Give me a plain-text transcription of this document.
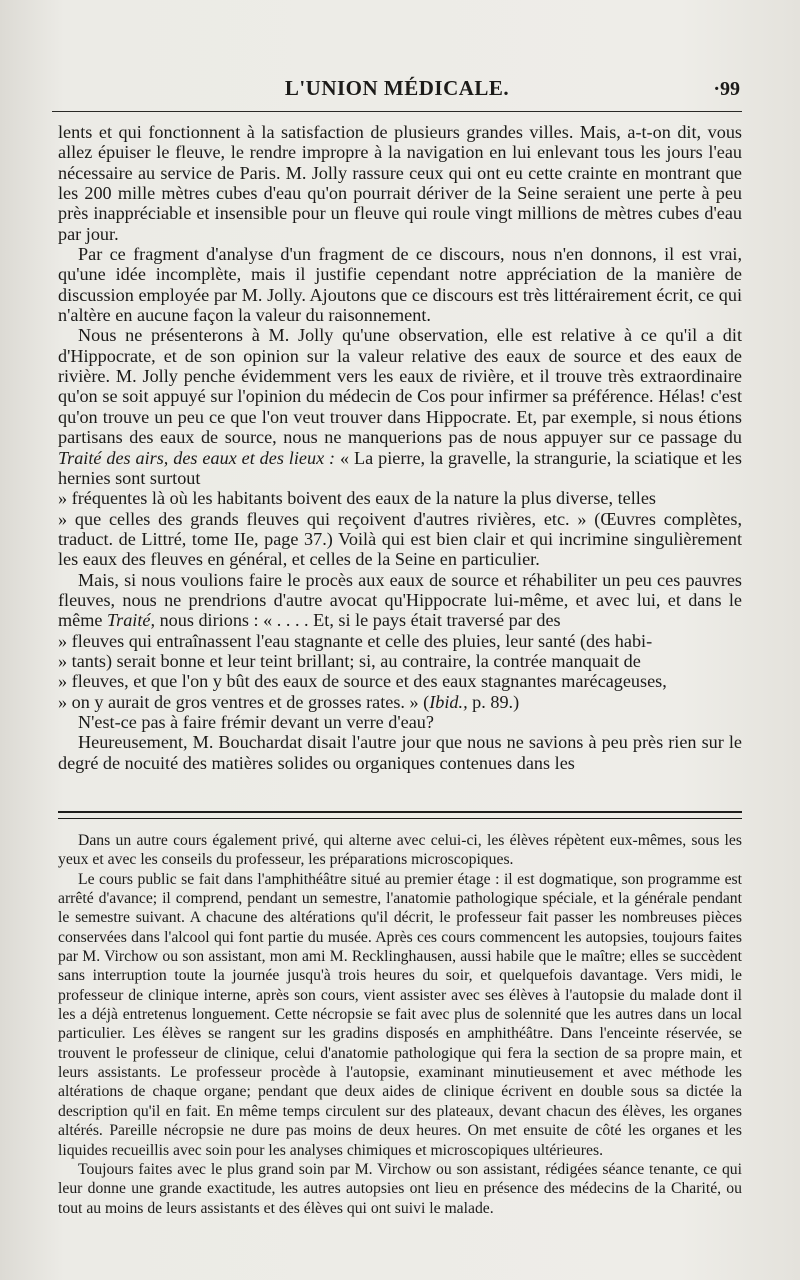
L'UNION MÉDICALE.	·99

lents et qui fonctionnent à la satisfaction de plusieurs grandes villes. Mais, a-t-on dit, vous allez épuiser le fleuve, le rendre impropre à la navigation en lui enlevant tous les jours l'eau nécessaire au service de Paris. M. Jolly rassure ceux qui ont eu cette crainte en montrant que les 200 mille mètres cubes d'eau qu'on pourrait dériver de la Seine seraient une perte à peu près inappréciable et insensible pour un fleuve qui roule vingt millions de mètres cubes d'eau par jour.

Par ce fragment d'analyse d'un fragment de ce discours, nous n'en donnons, il est vrai, qu'une idée incomplète, mais il justifie cependant notre appréciation de la manière de discussion employée par M. Jolly. Ajoutons que ce discours est très littérairement écrit, ce qui n'altère en aucune façon la valeur du raisonnement.

Nous ne présenterons à M. Jolly qu'une observation, elle est relative à ce qu'il a dit d'Hippocrate, et de son opinion sur la valeur relative des eaux de source et des eaux de rivière. M. Jolly penche évidemment vers les eaux de rivière, et il trouve très extraordinaire qu'on se soit appuyé sur l'opinion du médecin de Cos pour infirmer sa préférence. Hélas! c'est qu'on trouve un peu ce que l'on veut trouver dans Hippocrate. Et, par exemple, si nous étions partisans des eaux de source, nous ne manquerions pas de nous appuyer sur ce passage du Traité des airs, des eaux et des lieux : « La pierre, la gravelle, la strangurie, la sciatique et les hernies sont surtout

» fréquentes là où les habitants boivent des eaux de la nature la plus diverse, telles

» que celles des grands fleuves qui reçoivent d'autres rivières, etc. » (Œuvres complètes, traduct. de Littré, tome IIe, page 37.) Voilà qui est bien clair et qui incrimine singulièrement les eaux des fleuves en général, et celles de la Seine en particulier.

Mais, si nous voulions faire le procès aux eaux de source et réhabiliter un peu ces pauvres fleuves, nous ne prendrions d'autre avocat qu'Hippocrate lui-même, et avec lui, et dans le même Traité, nous dirions : « . . . . Et, si le pays était traversé par des

» fleuves qui entraînassent l'eau stagnante et celle des pluies, leur santé (des habi-

» tants) serait bonne et leur teint brillant; si, au contraire, la contrée manquait de

» fleuves, et que l'on y bût des eaux de source et des eaux stagnantes marécageuses,

» on y aurait de gros ventres et de grosses rates. » (Ibid., p. 89.)

N'est-ce pas à faire frémir devant un verre d'eau?

Heureusement, M. Bouchardat disait l'autre jour que nous ne savions à peu près rien sur le degré de nocuité des matières solides ou organiques contenues dans les

Dans un autre cours également privé, qui alterne avec celui-ci, les élèves répètent eux-mêmes, sous les yeux et avec les conseils du professeur, les préparations microscopiques.

Le cours public se fait dans l'amphithéâtre situé au premier étage : il est dogmatique, son programme est arrêté d'avance; il comprend, pendant un semestre, l'anatomie pathologique spéciale, et la générale pendant le semestre suivant. A chacune des altérations qu'il décrit, le professeur fait passer les nombreuses pièces conservées dans l'alcool qui font partie du musée. Après ces cours commencent les autopsies, toujours faites par M. Virchow ou son assistant, mon ami M. Recklinghausen, aussi habile que le maître; elles se succèdent sans interruption toute la journée jusqu'à trois heures du soir, et quelquefois davantage. Vers midi, le professeur de clinique interne, après son cours, vient assister avec ses élèves à l'autopsie du malade dont il les a déjà entretenus longuement. Cette nécropsie se fait avec plus de solennité que les autres dans un local particulier. Les élèves se rangent sur les gradins disposés en amphithéâtre. Dans l'enceinte réservée, se trouvent le professeur de clinique, celui d'anatomie pathologique qui fera la section de sa propre main, et leurs assistants. Le professeur procède à l'autopsie, examinant minutieusement et avec méthode les altérations de chaque organe; pendant que deux aides de clinique écrivent en double sous sa dictée la description qu'il en fait. En même temps circulent sur des plateaux, devant chacun des élèves, les organes altérés. Pareille nécropsie ne dure pas moins de deux heures. On met ensuite de côté les organes et les liquides recueillis avec soin pour les analyses chimiques et microscopiques ultérieures.

Toujours faites avec le plus grand soin par M. Virchow ou son assistant, rédigées séance tenante, ce qui leur donne une grande exactitude, les autres autopsies ont lieu en présence des médecins de la Charité, ou tout au moins de leurs assistants et des élèves qui ont suivi le malade.
